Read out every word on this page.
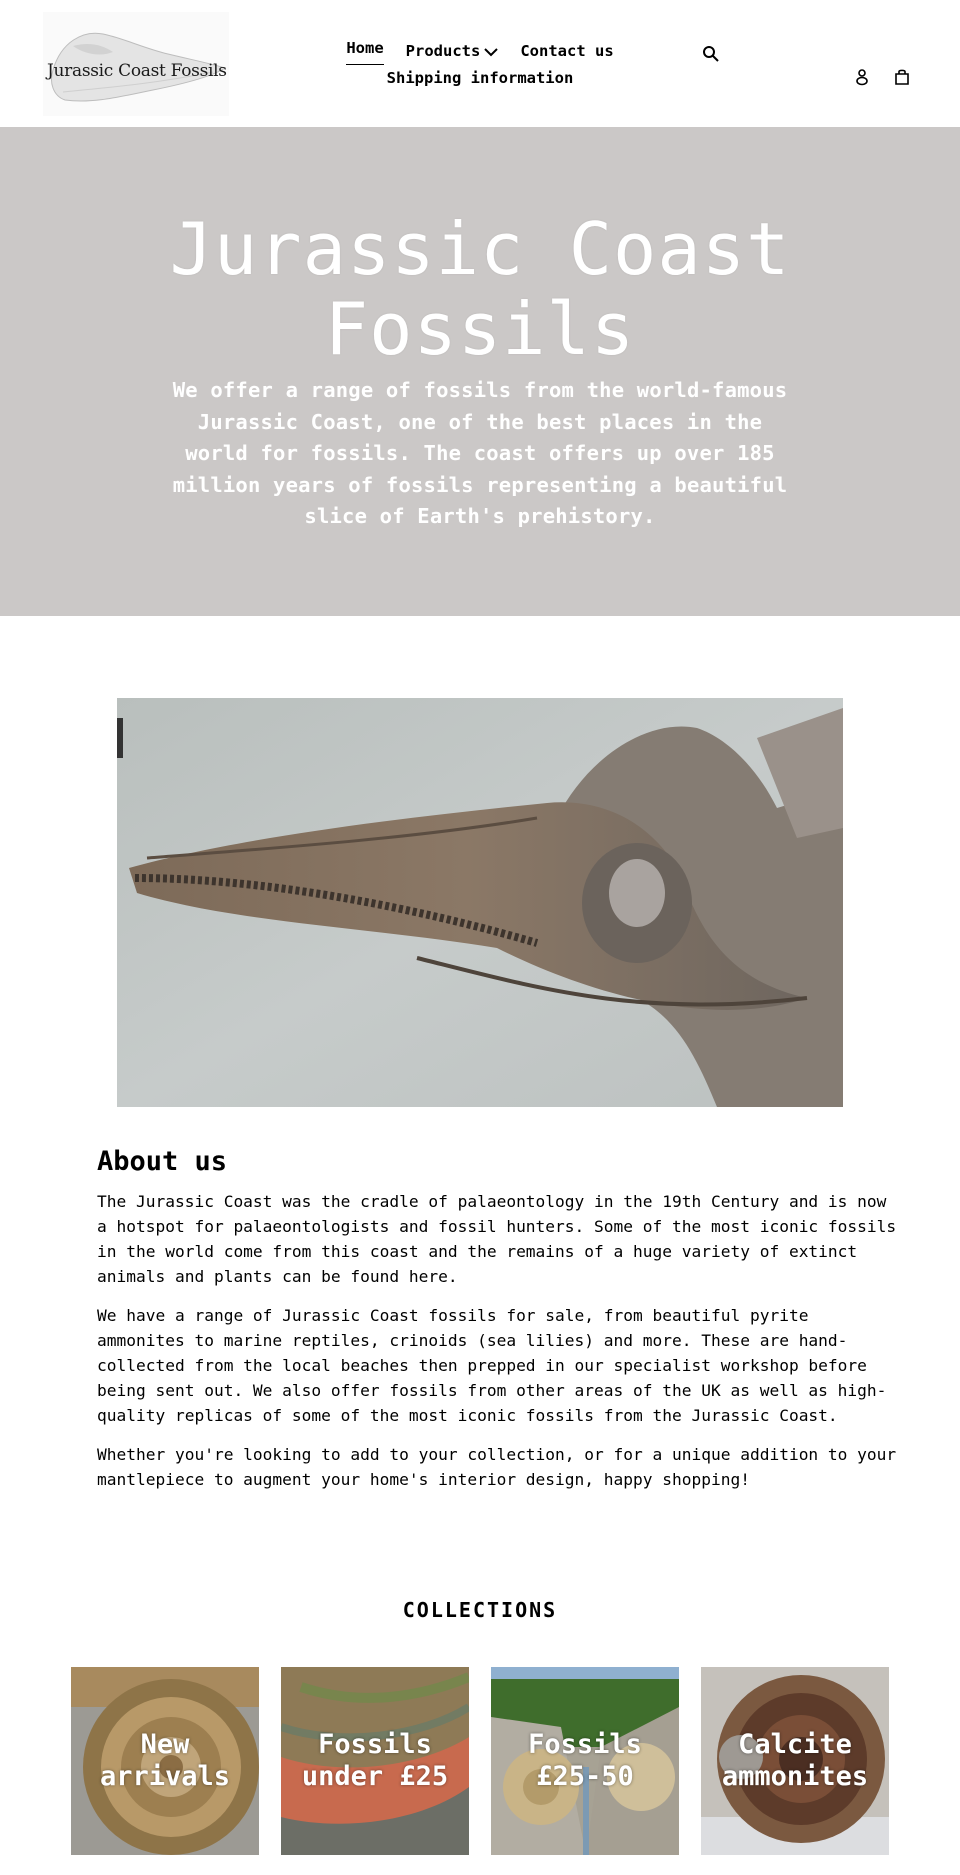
Jurassic Coast Fossils
Home Products	Contact us
Shipping information
Jurassic Coast Fossils

We offer a range of fossils from the world-famous Jurassic Coast, one of the best places in the world for fossils. The coast offers up over 185 million years of fossils representing a beautiful slice of Earth's prehistory.

About us

The Jurassic Coast was the cradle of palaeontology in the 19th Century and is now a hotspot for palaeontologists and fossil hunters. Some of the most iconic fossils in the world come from this coast and the remains of a huge variety of extinct animals and plants can be found here.

We have a range of Jurassic Coast fossils for sale, from beautiful pyrite ammonites to marine reptiles, crinoids (sea lilies) and more. These are hand-collected from the local beaches then prepped in our specialist workshop before being sent out. We also offer fossils from other areas of the UK as well as high-quality replicas of some of the most iconic fossils from the Jurassic Coast.

Whether you're looking to add to your collection, or for a unique addition to your mantlepiece to augment your home's interior design, happy shopping!

COLLECTIONS
New arrivals
Fossils under £25
Fossils £25-50
Calcite ammonites
